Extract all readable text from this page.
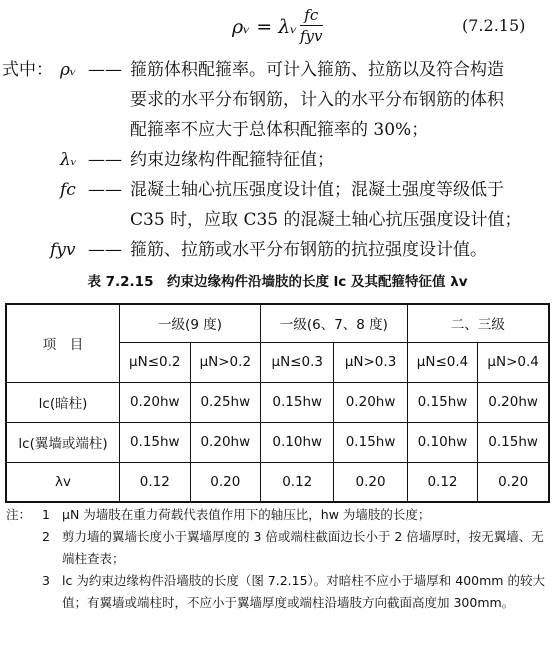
ρᵥ = λᵥ
fc
fyv
(7.2.15)
式中： ρᵥ —— 箍筋体积配箍率。可计入箍筋、拉筋以及符合构造
要求的水平分布钢筋，计入的水平分布钢筋的体积
配箍率不应大于总体积配箍率的 30%；
λᵥ —— 约束边缘构件配箍特征值；
fc —— 混凝土轴心抗压强度设计值；混凝土强度等级低于
C35 时，应取 C35 的混凝土轴心抗压强度设计值；
fyv —— 箍筋、拉筋或水平分布钢筋的抗拉强度设计值。
表 7.2.15　约束边缘构件沿墙肢的长度 lc 及其配箍特征值 λv
项　目	一级(9 度)		一级(6、7、8 度)		二、三级	
	μN≤0.2	μN>0.2	μN≤0.3	μN>0.3	μN≤0.4	μN>0.4
lc(暗柱)	0.20hw	0.25hw	0.15hw	0.20hw	0.15hw	0.20hw
lc(翼墙或端柱)	0.15hw	0.20hw	0.10hw	0.15hw	0.10hw	0.15hw
λv	0.12	0.20	0.12	0.20	0.12	0.20
注： 1 μN 为墙肢在重力荷载代表值作用下的轴压比，hw 为墙肢的长度；
2 剪力墙的翼墙长度小于翼墙厚度的 3 倍或端柱截面边长小于 2 倍墙厚时，按无翼墙、无端柱查表；
3 lc 为约束边缘构件沿墙肢的长度（图 7.2.15）。对暗柱不应小于墙厚和 400mm 的较大值；有翼墙或端柱时，不应小于翼墙厚度或端柱沿墙肢方向截面高度加 300mm。
